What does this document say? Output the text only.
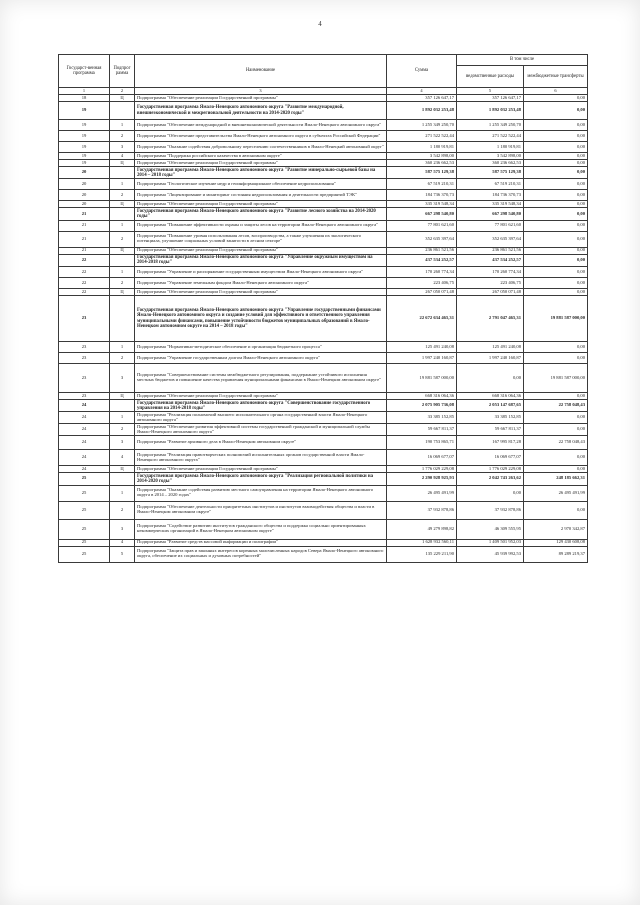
4
Государст-венная программа	Подпрог рамма	Наименование	Сумма	В том числе	
				ведомственные расходы	межбюджетные трансферты
1	2	3	4	5	6
18	Ц	Подпрограмма "Обеспечение реализации Государственной программы"	357 126 647,17	357 126 647,17	0,00
19		Государственная программа Ямало-Ненецкого автономного округа "Развитие международной, внешнеэкономической и межрегиональной деятельности на 2014-2020 годы"	1 892 032 253,48	1 892 032 253,48	0,00
19	1	Подпрограмма "Обеспечение международной и внешнеэкономической деятельности Ямало-Ненецкого автономного округа"	1 255 349 250,70	1 255 349 250,70	0,00
19	2	Подпрограмма "Обеспечение представительства Ямало-Ненецкого автономного округа в субъектах Российской Федерации"	271 522 522,44	271 522 522,44	0,00
19	3	Подпрограмма "Оказание содействия добровольному переселению соотечественников в Ямало-Ненецкий автономный округ"	1 180 919,81	1 180 919,81	0,00
19	4	Подпрограмма "Поддержка российского казачества в автономном округе"	3 542 898,00	3 542 898,00	0,00
19	Ц	Подпрограмма "Обеспечение реализации Государственной программы"	360 236 662,53	360 236 662,53	0,00
20		Государственная программа Ямало-Ненецкого автономного округа "Развитие минерально-сырьевой базы на 2014 – 2018 годы"	587 575 129,38	587 575 129,38	0,00
20	1	Подпрограмма "Геологическое изучение недр и геоинформационное обеспечение недропользования"	67 519 210,31	67 519 210,31	0,00
20	2	Подпрограмма "Лицензирование и мониторинг состояния недропользования и деятельности предприятий ТЭК"	184 736 370,73	184 736 370,73	0,00
20	Ц	Подпрограмма "Обеспечение реализации Государственной программы"	335 319 548,34	335 319 548,34	0,00
21		Государственная программа Ямало-Ненецкого автономного округа "Развитие лесного хозяйства на 2014-2020 годы"	667 298 540,80	667 298 540,80	0,00
21	1	Подпрограмма "Повышение эффективности охраны и защиты лесов на территории Ямало-Ненецкого автономного округа"	77 801 621,60	77 801 621,60	0,00
21	2	Подпрограмма "Повышение уровня использования лесов, воспроизводства, а также улучшения их экологического потенциала, улучшение социальных условий занятости в лесном секторе"	352 635 397,64	352 635 397,64	0,00
21	Ц	Подпрограмма "Обеспечение реализации Государственной программы"	236 861 521,56	236 861 521,56	0,00
22		Государственная программа Ямало-Ненецкого автономного округа "Управление окружным имуществом на 2014-2018 годы"	437 534 252,57	437 534 252,57	0,00
22	1	Подпрограмма "Управление и распоряжение государственным имуществом Ямало-Ненецкого автономного округа"	170 260 774,34	170 260 774,34	0,00
22	2	Подпрограмма "Управление земельным фондом Ямало-Ненецкого автономного округа"	223 406,75	223 406,75	0,00
22	Ц	Подпрограмма "Обеспечение реализации Государственной программы"	267 050 071,48	267 050 071,48	0,00
23		Государственная программа Ямало-Ненецкого автономного округа "Управление государственными финансами Ямало-Ненецкого автономного округа и создание условий для эффективного и ответственного управления муниципальными финансами, повышение устойчивости бюджетов муниципальных образований в Ямало-Ненецком автономном округе на 2014 – 2018 годы"	22 672 634 465,31	2 791 047 465,31	19 881 587 000,00
23	1	Подпрограмма "Нормативно-методическое обеспечение и организация бюджетного процесса"	125 491 240,08	125 491 240,08	0,00
23	2	Подпрограмма "Управление государственным долгом Ямало-Ненецкого автономного округа"	1 997 240 160,87	1 997 240 160,87	0,00
23	3	Подпрограмма "Совершенствование системы межбюджетного регулирования, поддержание устойчивого исполнения местных бюджетов и повышение качества управления муниципальными финансами в Ямало-Ненецком автономном округе"	19 881 587 000,00	0,00	19 881 587 000,00
23	Ц	Подпрограмма "Обеспечение реализации Государственной программы"	668 316 064,36	668 316 064,36	0,00
24		Государственная программа Ямало-Ненецкого автономного округа "Совершенствование государственного управления на 2014-2018 годы"	2 075 905 736,08	2 053 147 687,65	22 758 048,43
24	1	Подпрограмма "Реализация полномочий высшего исполнительного органа государственной власти Ямало-Ненецкого автономного округа"	33 385 152,85	33 385 152,85	0,00
24	2	Подпрограмма "Обеспечение развития эффективной системы государственной гражданской и муниципальной службы Ямало-Ненецкого автономного округа"	59 667 811,37	59 667 811,37	0,00
24	3	Подпрограмма "Развитие архивного дела в Ямало-Ненецком автономном округе"	190 753 865,71	167 995 817,28	22 758 048,43
24	4	Подпрограмма "Реализация правотворческих полномочий исполнительных органов государственной власти Ямало-Ненецкого автономного округа"	16 069 677,07	16 069 677,07	0,00
24	Ц	Подпрограмма "Обеспечение реализации Государственной программы"	1 776 029 229,08	1 776 029 229,08	0,00
25		Государственная программа Ямало-Ненецкого автономного округа "Реализация региональной политики на 2014-2020 годы"	2 290 928 925,93	2 042 743 263,62	248 185 662,31
25	1	Подпрограмма "Оказание содействия развитию местного самоуправления на территории Ямало-Ненецкого автономного округа в 2014 – 2020 годах"	26 495 491,99	0,00	26 495 491,99
25	2	Подпрограмма "Обеспечение деятельности приоритетных институтов и институтов взаимодействия общества и власти в Ямало-Ненецком автономном округе"	37 932 878,86	37 932 878,86	0,00
25	3	Подпрограмма "Содействие развитию институтов гражданского общества и поддержка социально ориентированных некоммерческих организаций в Ямало-Ненецком автономном округе"	49 279 898,82	46 309 555,95	2 970 342,87
25	4	Подпрограмма "Развитие средств массовой информации и полиграфии"	1 628 932 560,11	1 409 501 952,03	129 430 608,08
25	5	Подпрограмма "Защита прав и законных интересов коренных малочисленных народов Севера Ямало-Ненецкого автономного округа, обеспечение их социальных и духовных потребностей"	135 229 211,90	45 939 992,53	89 289 219,37
